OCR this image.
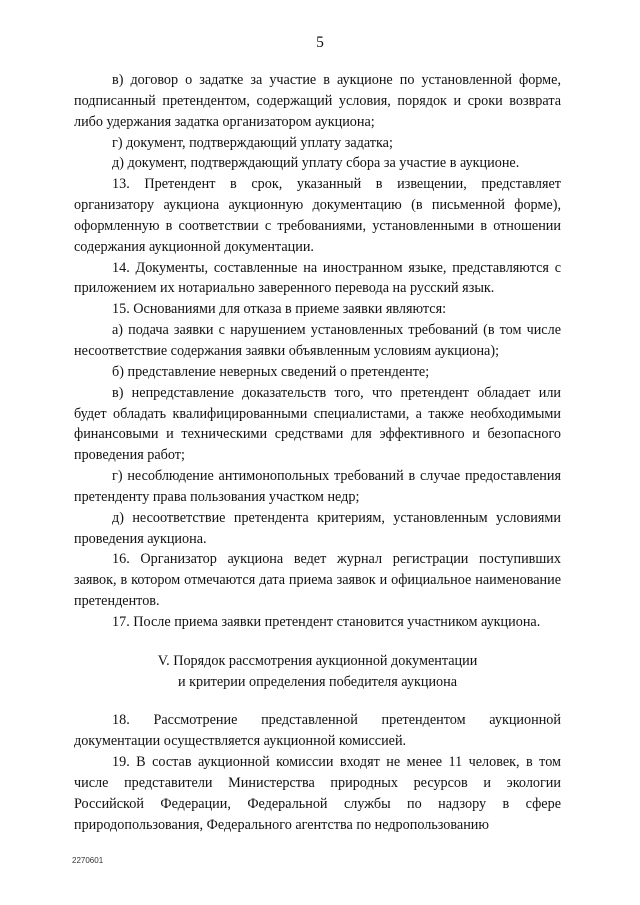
5

в) договор о задатке за участие в аукционе по установленной форме, подписанный претендентом, содержащий условия, порядок и сроки возврата либо удержания задатка организатором аукциона;

г) документ, подтверждающий уплату задатка;

д) документ, подтверждающий уплату сбора за участие в аукционе.

13. Претендент в срок, указанный в извещении, представляет организатору аукциона аукционную документацию (в письменной форме), оформленную в соответствии с требованиями, установленными в отношении содержания аукционной документации.

14. Документы, составленные на иностранном языке, представляются с приложением их нотариально заверенного перевода на русский язык.

15. Основаниями для отказа в приеме заявки являются:

а) подача заявки с нарушением установленных требований (в том числе несоответствие содержания заявки объявленным условиям аукциона);

б) представление неверных сведений о претенденте;

в) непредставление доказательств того, что претендент обладает или будет обладать квалифицированными специалистами, а также необходимыми финансовыми и техническими средствами для эффективного и безопасного проведения работ;

г) несоблюдение антимонопольных требований в случае предоставления претенденту права пользования участком недр;

д) несоответствие претендента критериям, установленным условиями проведения аукциона.

16. Организатор аукциона ведет журнал регистрации поступивших заявок, в котором отмечаются дата приема заявок и официальное наименование претендентов.

17. После приема заявки претендент становится участником аукциона.

V. Порядок рассмотрения аукционной документации
и критерии определения победителя аукциона

18. Рассмотрение представленной претендентом аукционной документации осуществляется аукционной комиссией.

19. В состав аукционной комиссии входят не менее 11 человек, в том числе представители Министерства природных ресурсов и экологии Российской Федерации, Федеральной службы по надзору в сфере природопользования, Федерального агентства по недропользованию

2270601
